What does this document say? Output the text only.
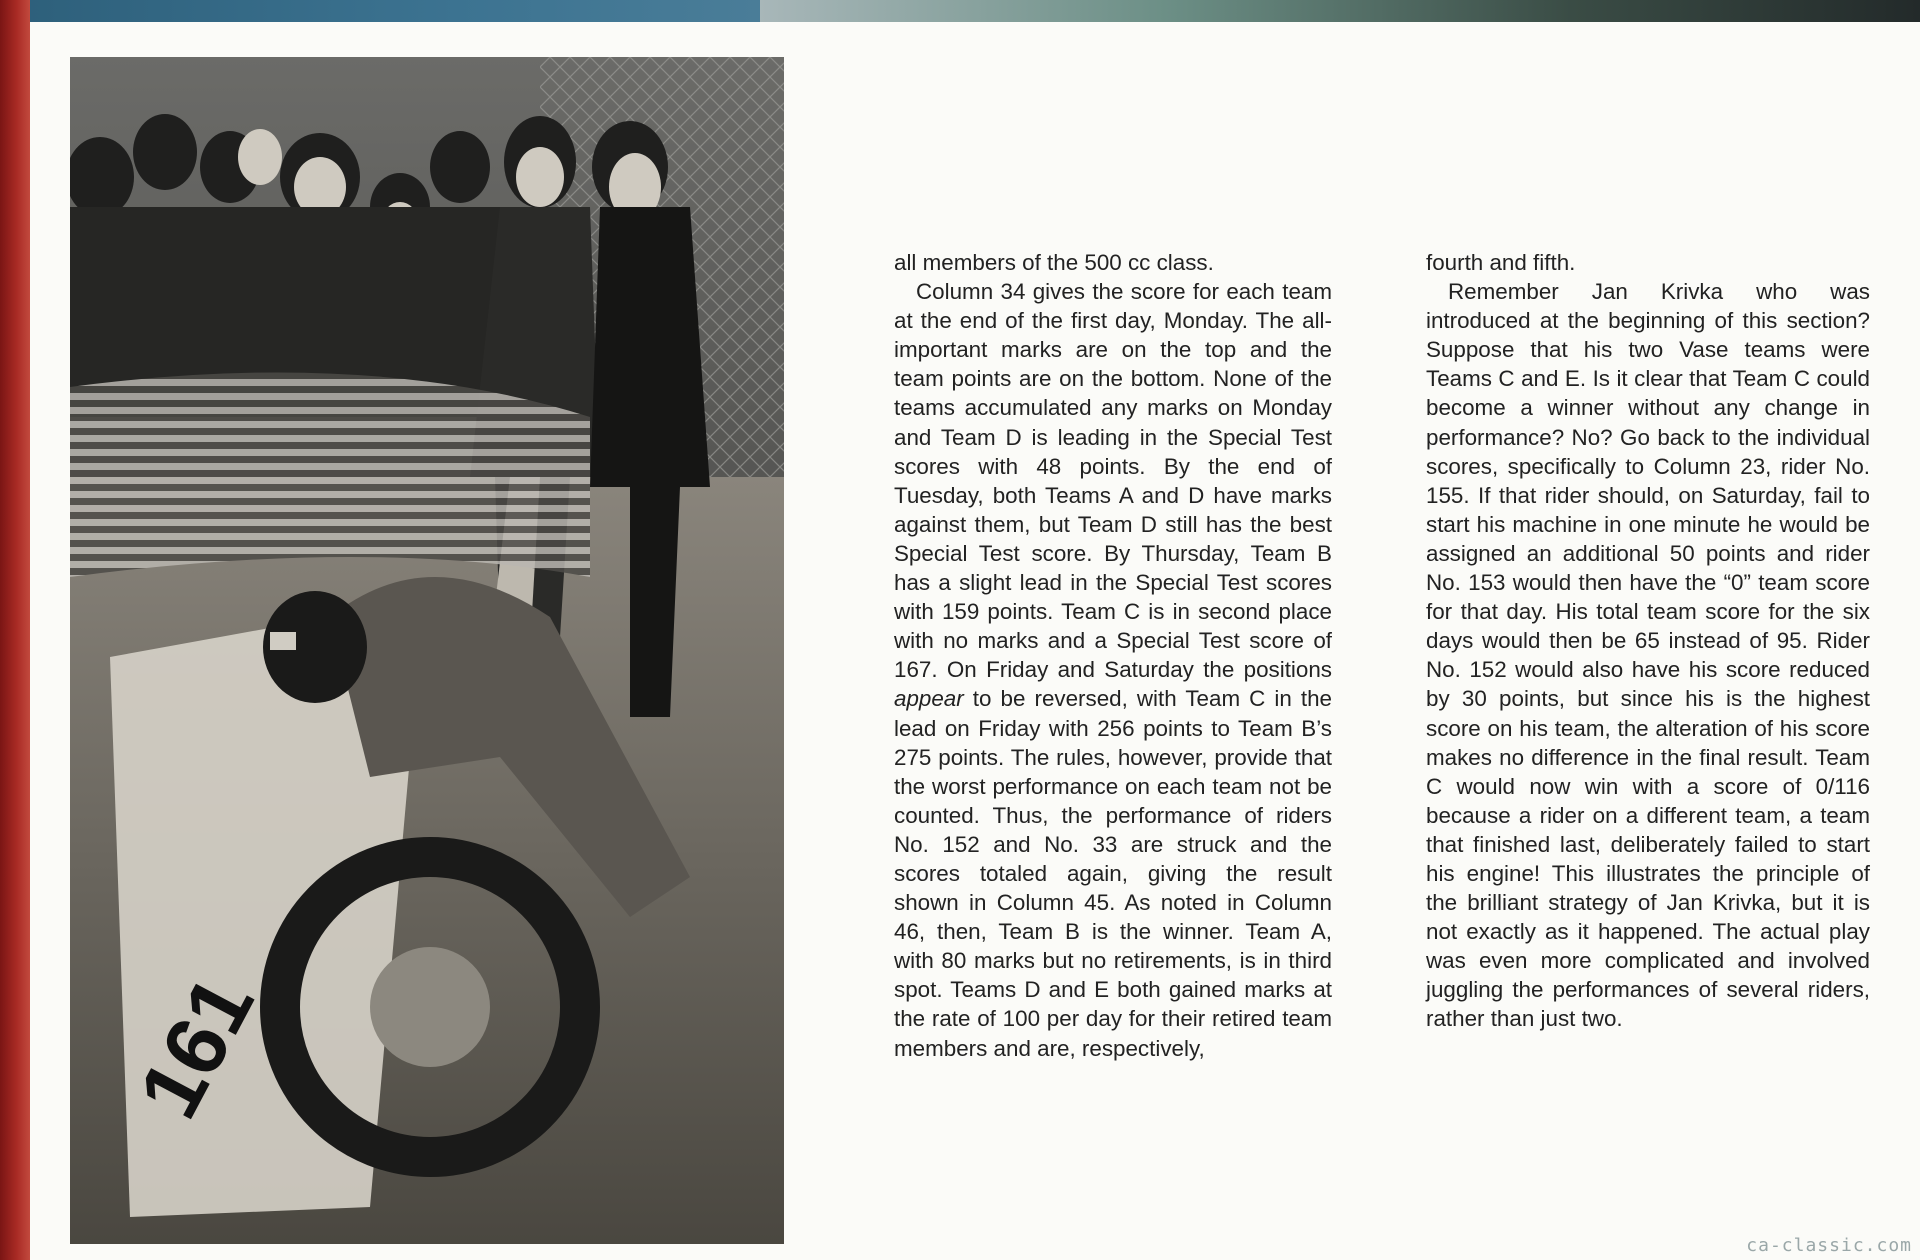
161

all members of the 500 cc class.

Column 34 gives the score for each team at the end of the first day, Monday. The all-important marks are on the top and the team points are on the bottom. None of the teams accumulated any marks on Monday and Team D is leading in the Special Test scores with 48 points. By the end of Tuesday, both Teams A and D have marks against them, but Team D still has the best Special Test score. By Thursday, Team B has a slight lead in the Special Test scores with 159 points. Team C is in second place with no marks and a Special Test score of 167. On Friday and Saturday the positions appear to be reversed, with Team C in the lead on Friday with 256 points to Team B’s 275 points. The rules, however, provide that the worst performance on each team not be counted. Thus, the performance of riders No. 152 and No. 33 are struck and the scores totaled again, giving the result shown in Column 45. As noted in Column 46, then, Team B is the winner. Team A, with 80 marks but no retirements, is in third spot. Teams D and E both gained marks at the rate of 100 per day for their retired team members and are, respectively,

fourth and fifth.

Remember Jan Krivka who was introduced at the beginning of this section? Suppose that his two Vase teams were Teams C and E. Is it clear that Team C could become a winner without any change in performance? No? Go back to the individual scores, specifically to Column 23, rider No. 155. If that rider should, on Saturday, fail to start his machine in one minute he would be assigned an additional 50 points and rider No. 153 would then have the “0” team score for that day. His total team score for the six days would then be 65 instead of 95. Rider No. 152 would also have his score reduced by 30 points, but since his is the highest score on his team, the alteration of his score makes no difference in the final result. Team C would now win with a score of 0/116 because a rider on a different team, a team that finished last, deliberately failed to start his engine! This illustrates the principle of the brilliant strategy of Jan Krivka, but it is not exactly as it happened. The actual play was even more complicated and involved juggling the performances of several riders, rather than just two.

ca-classic.com
